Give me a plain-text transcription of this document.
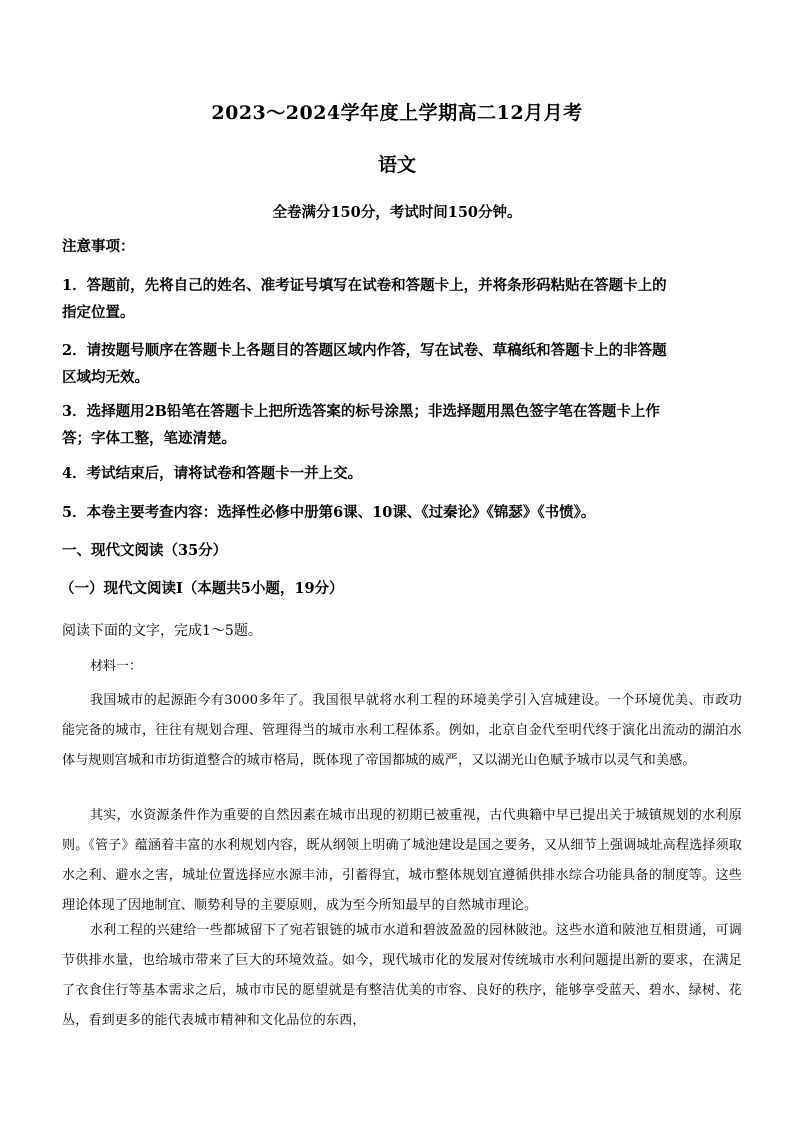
2023～2024学年度上学期高二12月月考
语文
全卷满分150分，考试时间150分钟。
注意事项：
1．答题前，先将自己的姓名、准考证号填写在试卷和答题卡上，并将条形码粘贴在答题卡上的
指定位置。
2．请按题号顺序在答题卡上各题目的答题区域内作答，写在试卷、草稿纸和答题卡上的非答题
区域均无效。
3．选择题用2B铅笔在答题卡上把所选答案的标号涂黑；非选择题用黑色签字笔在答题卡上作
答；字体工整，笔迹清楚。
4．考试结束后，请将试卷和答题卡一并上交。
5．本卷主要考查内容：选择性必修中册第6课、10课、《过秦论》《锦瑟》《书愤》。
一、现代文阅读（35分）
（一）现代文阅读Ⅰ（本题共5小题，19分）
阅读下面的文字，完成1～5题。
材料一：
我国城市的起源距今有3000多年了。我国很早就将水利工程的环境美学引入宫城建设。一个环境优美、市政功能完备的城市，往往有规划合理、管理得当的城市水利工程体系。例如，北京自金代至明代终于演化出流动的湖泊水体与规则宫城和市坊街道整合的城市格局，既体现了帝国都城的威严，又以湖光山色赋予城市以灵气和美感。
其实，水资源条件作为重要的自然因素在城市出现的初期已被重视，古代典籍中早已提出关于城镇规划的水利原则。《管子》蕴涵着丰富的水利规划内容，既从纲领上明确了城池建设是国之要务，又从细节上强调城址高程选择须取水之利、避水之害，城址位置选择应水源丰沛，引蓄得宜，城市整体规划宜遵循供排水综合功能具备的制度等。这些理论体现了因地制宜、顺势利导的主要原则，成为至今所知最早的自然城市理论。
水利工程的兴建给一些都城留下了宛若银链的城市水道和碧波盈盈的园林陂池。这些水道和陂池互相贯通，可调节供排水量，也给城市带来了巨大的环境效益。如今，现代城市化的发展对传统城市水利问题提出新的要求，在满足了衣食住行等基本需求之后，城市市民的愿望就是有整洁优美的市容、良好的秩序，能够享受蓝天、碧水、绿树、花丛，看到更多的能代表城市精神和文化品位的东西，
